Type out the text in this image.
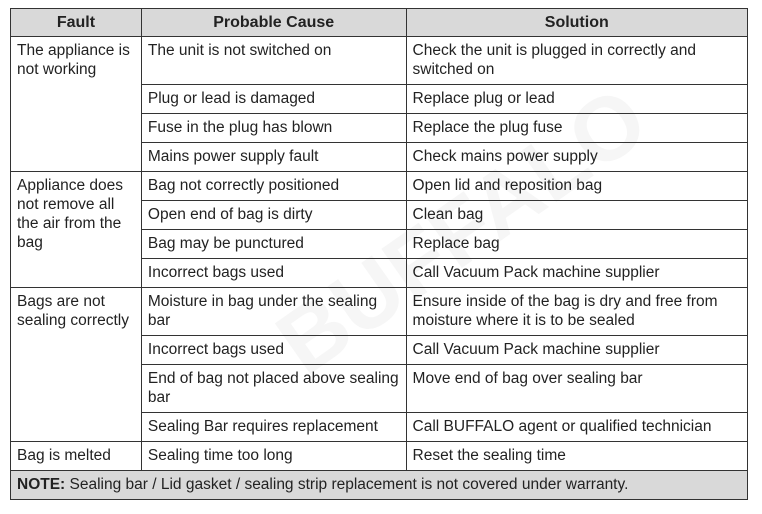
Fault	Probable Cause	Solution
The appliance is not working	The unit is not switched on	Check the unit is plugged in correctly and switched on
	Plug or lead is damaged	Replace plug or lead
	Fuse in the plug has blown	Replace the plug fuse
	Mains power supply fault	Check mains power supply
Appliance does not remove all the air from the bag	Bag not correctly positioned	Open lid and reposition bag
	Open end of bag is dirty	Clean bag
	Bag may be punctured	Replace bag
	Incorrect bags used	Call Vacuum Pack machine supplier
Bags are not sealing correctly	Moisture in bag under the sealing bar	Ensure inside of the bag is dry and free from moisture where it is to be sealed
	Incorrect bags used	Call Vacuum Pack machine supplier
	End of bag not placed above sealing bar	Move end of bag over sealing bar
	Sealing Bar requires replacement	Call BUFFALO agent or qualified technician
Bag is melted	Sealing time too long	Reset the sealing time
NOTE: Sealing bar / Lid gasket / sealing strip replacement is not covered under warranty.		
